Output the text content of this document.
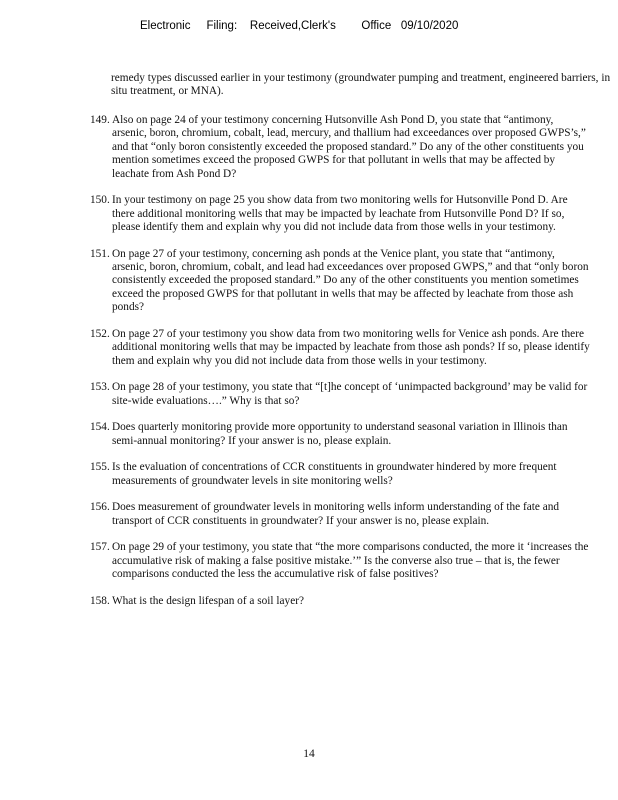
Electronic     Filing:    Received,Clerk's        Office   09/10/2020
remedy types discussed earlier in your testimony (groundwater pumping and treatment, engineered barriers, in situ treatment, or MNA).
149. Also on page 24 of your testimony concerning Hutsonville Ash Pond D, you state that “antimony, arsenic, boron, chromium, cobalt, lead, mercury, and thallium had exceedances over proposed GWPS’s,” and that “only boron consistently exceeded the proposed standard.” Do any of the other constituents you mention sometimes exceed the proposed GWPS for that pollutant in wells that may be affected by leachate from Ash Pond D?
150. In your testimony on page 25 you show data from two monitoring wells for Hutsonville Pond D. Are there additional monitoring wells that may be impacted by leachate from Hutsonville Pond D? If so, please identify them and explain why you did not include data from those wells in your testimony.
151. On page 27 of your testimony, concerning ash ponds at the Venice plant, you state that “antimony, arsenic, boron, chromium, cobalt, and lead had exceedances over proposed GWPS,” and that “only boron consistently exceeded the proposed standard.” Do any of the other constituents you mention sometimes exceed the proposed GWPS for that pollutant in wells that may be affected by leachate from those ash ponds?
152. On page 27 of your testimony you show data from two monitoring wells for Venice ash ponds. Are there additional monitoring wells that may be impacted by leachate from those ash ponds? If so, please identify them and explain why you did not include data from those wells in your testimony.
153. On page 28 of your testimony, you state that “[t]he concept of ‘unimpacted background’ may be valid for site-wide evaluations….” Why is that so?
154. Does quarterly monitoring provide more opportunity to understand seasonal variation in Illinois than semi-annual monitoring? If your answer is no, please explain.
155. Is the evaluation of concentrations of CCR constituents in groundwater hindered by more frequent measurements of groundwater levels in site monitoring wells?
156. Does measurement of groundwater levels in monitoring wells inform understanding of the fate and transport of CCR constituents in groundwater? If your answer is no, please explain.
157. On page 29 of your testimony, you state that “the more comparisons conducted, the more it ‘increases the accumulative risk of making a false positive mistake.’” Is the converse also true – that is, the fewer comparisons conducted the less the accumulative risk of false positives?
158. What is the design lifespan of a soil layer?
14
